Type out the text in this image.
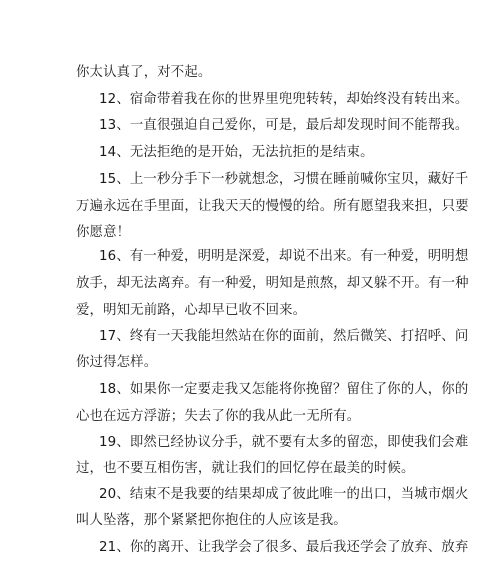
你太认真了，对不起。
12、宿命带着我在你的世界里兜兜转转，却始终没有转出来。
13、一直很强迫自己爱你，可是，最后却发现时间不能帮我。
14、无法拒绝的是开始，无法抗拒的是结束。
15、上一秒分手下一秒就想念，习惯在睡前喊你宝贝，藏好千
万遍永远在手里面，让我天天的慢慢的给。所有愿望我来担，只要
你愿意！
16、有一种爱，明明是深爱，却说不出来。有一种爱，明明想
放手，却无法离弃。有一种爱，明知是煎熬，却又躲不开。有一种
爱，明知无前路，心却早已收不回来。
17、终有一天我能坦然站在你的面前，然后微笑、打招呼、问
你过得怎样。
18、如果你一定要走我又怎能将你挽留？留住了你的人，你的
心也在远方浮游；失去了你的我从此一无所有。
19、即然已经协议分手，就不要有太多的留恋，即使我们会难
过，也不要互相伤害，就让我们的回忆停在最美的时候。
20、结束不是我要的结果却成了彼此唯一的出口，当城市烟火
叫人坠落，那个紧紧把你抱住的人应该是我。
21、你的离开、让我学会了很多、最后我还学会了放弃、放弃
